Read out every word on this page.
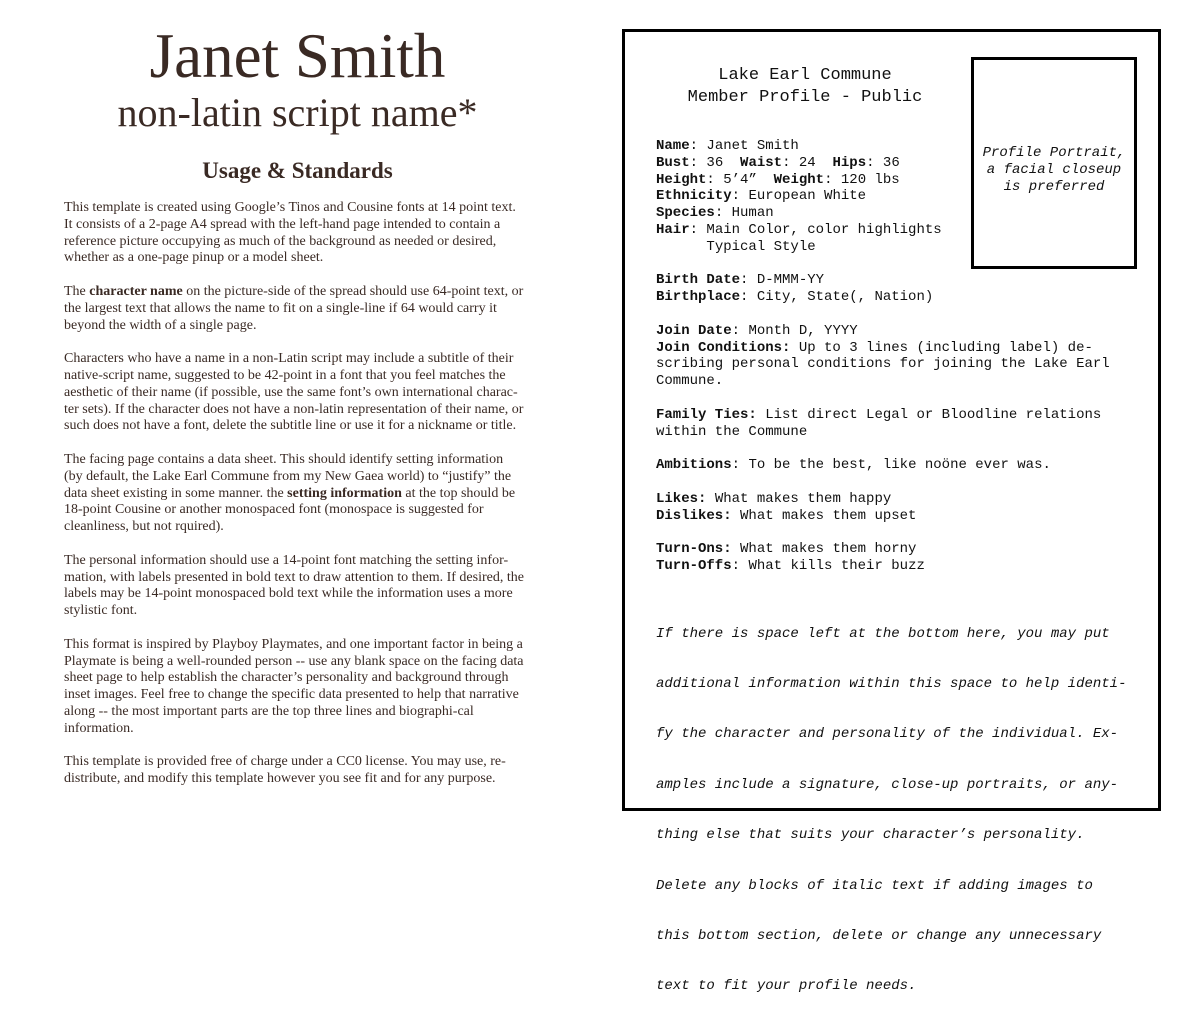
Janet Smith
non-latin script name*
Usage & Standards

This template is created using Google’s Tinos and Cousine fonts at 14 point text. It consists of a 2-page A4 spread with the left-hand page intended to contain a reference picture occupying as much of the background as needed or desired, whether as a one-page pinup or a model sheet.

The character name on the picture-side of the spread should use 64-point text, or the largest text that allows the name to fit on a single-line if 64 would carry it beyond the width of a single page.

Characters who have a name in a non-Latin script may include a subtitle of their native-script name, suggested to be 42-point in a font that you feel matches the aesthetic of their name (if possible, use the same font’s own international charac-ter sets). If the character does not have a non-latin representation of their name, or such does not have a font, delete the subtitle line or use it for a nickname or title.

The facing page contains a data sheet. This should identify setting information (by default, the Lake Earl Commune from my New Gaea world) to “justify” the data sheet existing in some manner. the setting information at the top should be 18-point Cousine or another monospaced font (monospace is suggested for cleanliness, but not rquired).

The personal information should use a 14-point font matching the setting infor-mation, with labels presented in bold text to draw attention to them. If desired, the labels may be 14-point monospaced bold text while the information uses a more stylistic font.

This format is inspired by Playboy Playmates, and one important factor in being a Playmate is being a well-rounded person -- use any blank space on the facing data sheet page to help establish the character’s personality and background through inset images. Feel free to change the specific data presented to help that narrative along -- the most important parts are the top three lines and biographi-cal information.

This template is provided free of charge under a CC0 license. You may use, re-distribute, and modify this template however you see fit and for any purpose.

Lake Earl Commune
Member Profile - Public
Profile Portrait,
a facial closeup
is preferred
Name: Janet Smith
Bust: 36 Waist: 24 Hips: 36
Height: 5’4” Weight: 120 lbs
Ethnicity: European White
Species: Human
Hair: Main Color, color highlights
Typical Style
Birth Date: D-MMM-YY
Birthplace: City, State(, Nation)
Join Date: Month D, YYYY
Join Conditions: Up to 3 lines (including label) de-
scribing personal conditions for joining the Lake Earl
Commune.
Family Ties: List direct Legal or Bloodline relations
within the Commune
Ambitions: To be the best, like noöne ever was.
Likes: What makes them happy
Dislikes: What makes them upset
Turn-Ons: What makes them horny
Turn-Offs: What kills their buzz

If there is space left at the bottom here, you may put

additional information within this space to help identi-

fy the character and personality of the individual. Ex-

amples include a signature, close-up portraits, or any-

thing else that suits your character’s personality.

Delete any blocks of italic text if adding images to

this bottom section, delete or change any unnecessary

text to fit your profile needs.
